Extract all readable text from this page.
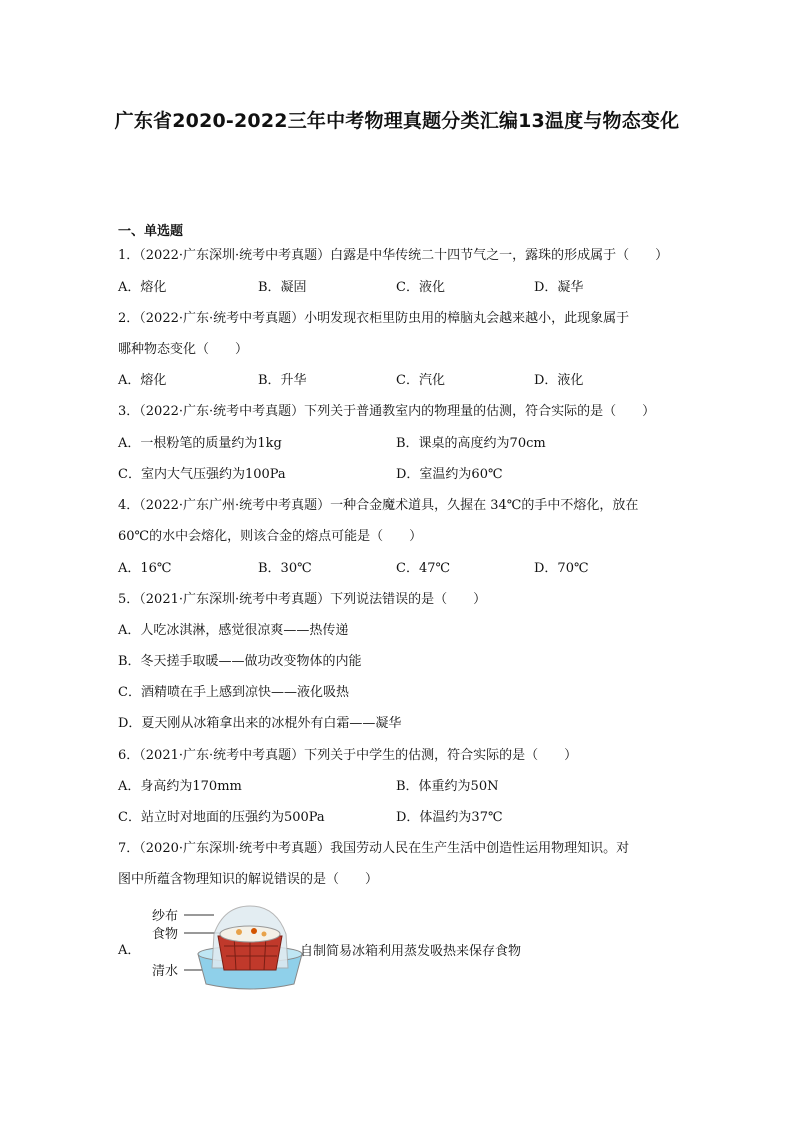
广东省2020-2022三年中考物理真题分类汇编13温度与物态变化
一、单选题
1．（2022·广东深圳·统考中考真题）白露是中华传统二十四节气之一，露珠的形成属于（　　）
A．熔化	B．凝固	C．液化	D．凝华
2．（2022·广东·统考中考真题）小明发现衣柜里防虫用的樟脑丸会越来越小，此现象属于
哪种物态变化（　　）
A．熔化	B．升华	C．汽化	D．液化
3．（2022·广东·统考中考真题）下列关于普通教室内的物理量的估测，符合实际的是（　　）
A．一根粉笔的质量约为1kg	B．课桌的高度约为70cm
C．室内大气压强约为100Pa	D．室温约为60℃
4．（2022·广东广州·统考中考真题）一种合金魔术道具，久握在 34℃的手中不熔化，放在
60℃的水中会熔化，则该合金的熔点可能是（　　）
A．16℃	B．30℃	C．47℃	D．70℃
5．（2021·广东深圳·统考中考真题）下列说法错误的是（　　）
A．人吃冰淇淋，感觉很凉爽——热传递
B．冬天搓手取暖——做功改变物体的内能
C．酒精喷在手上感到凉快——液化吸热
D．夏天刚从冰箱拿出来的冰棍外有白霜——凝华
6．（2021·广东·统考中考真题）下列关于中学生的估测，符合实际的是（　　）
A．身高约为170mm	B．体重约为50N
C．站立时对地面的压强约为500Pa	D．体温约为37℃
7．（2020·广东深圳·统考中考真题）我国劳动人民在生产生活中创造性运用物理知识。对
图中所蕴含物理知识的解说错误的是（　　）
A．
纱布
食物
清水
自制简易冰箱利用蒸发吸热来保存食物
